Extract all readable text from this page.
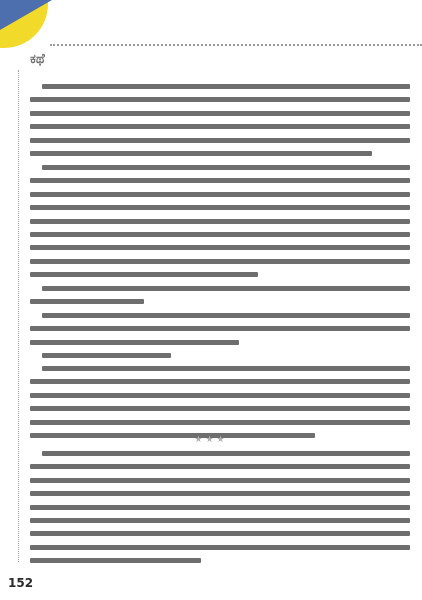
ಕಥೆ
★★★
152
